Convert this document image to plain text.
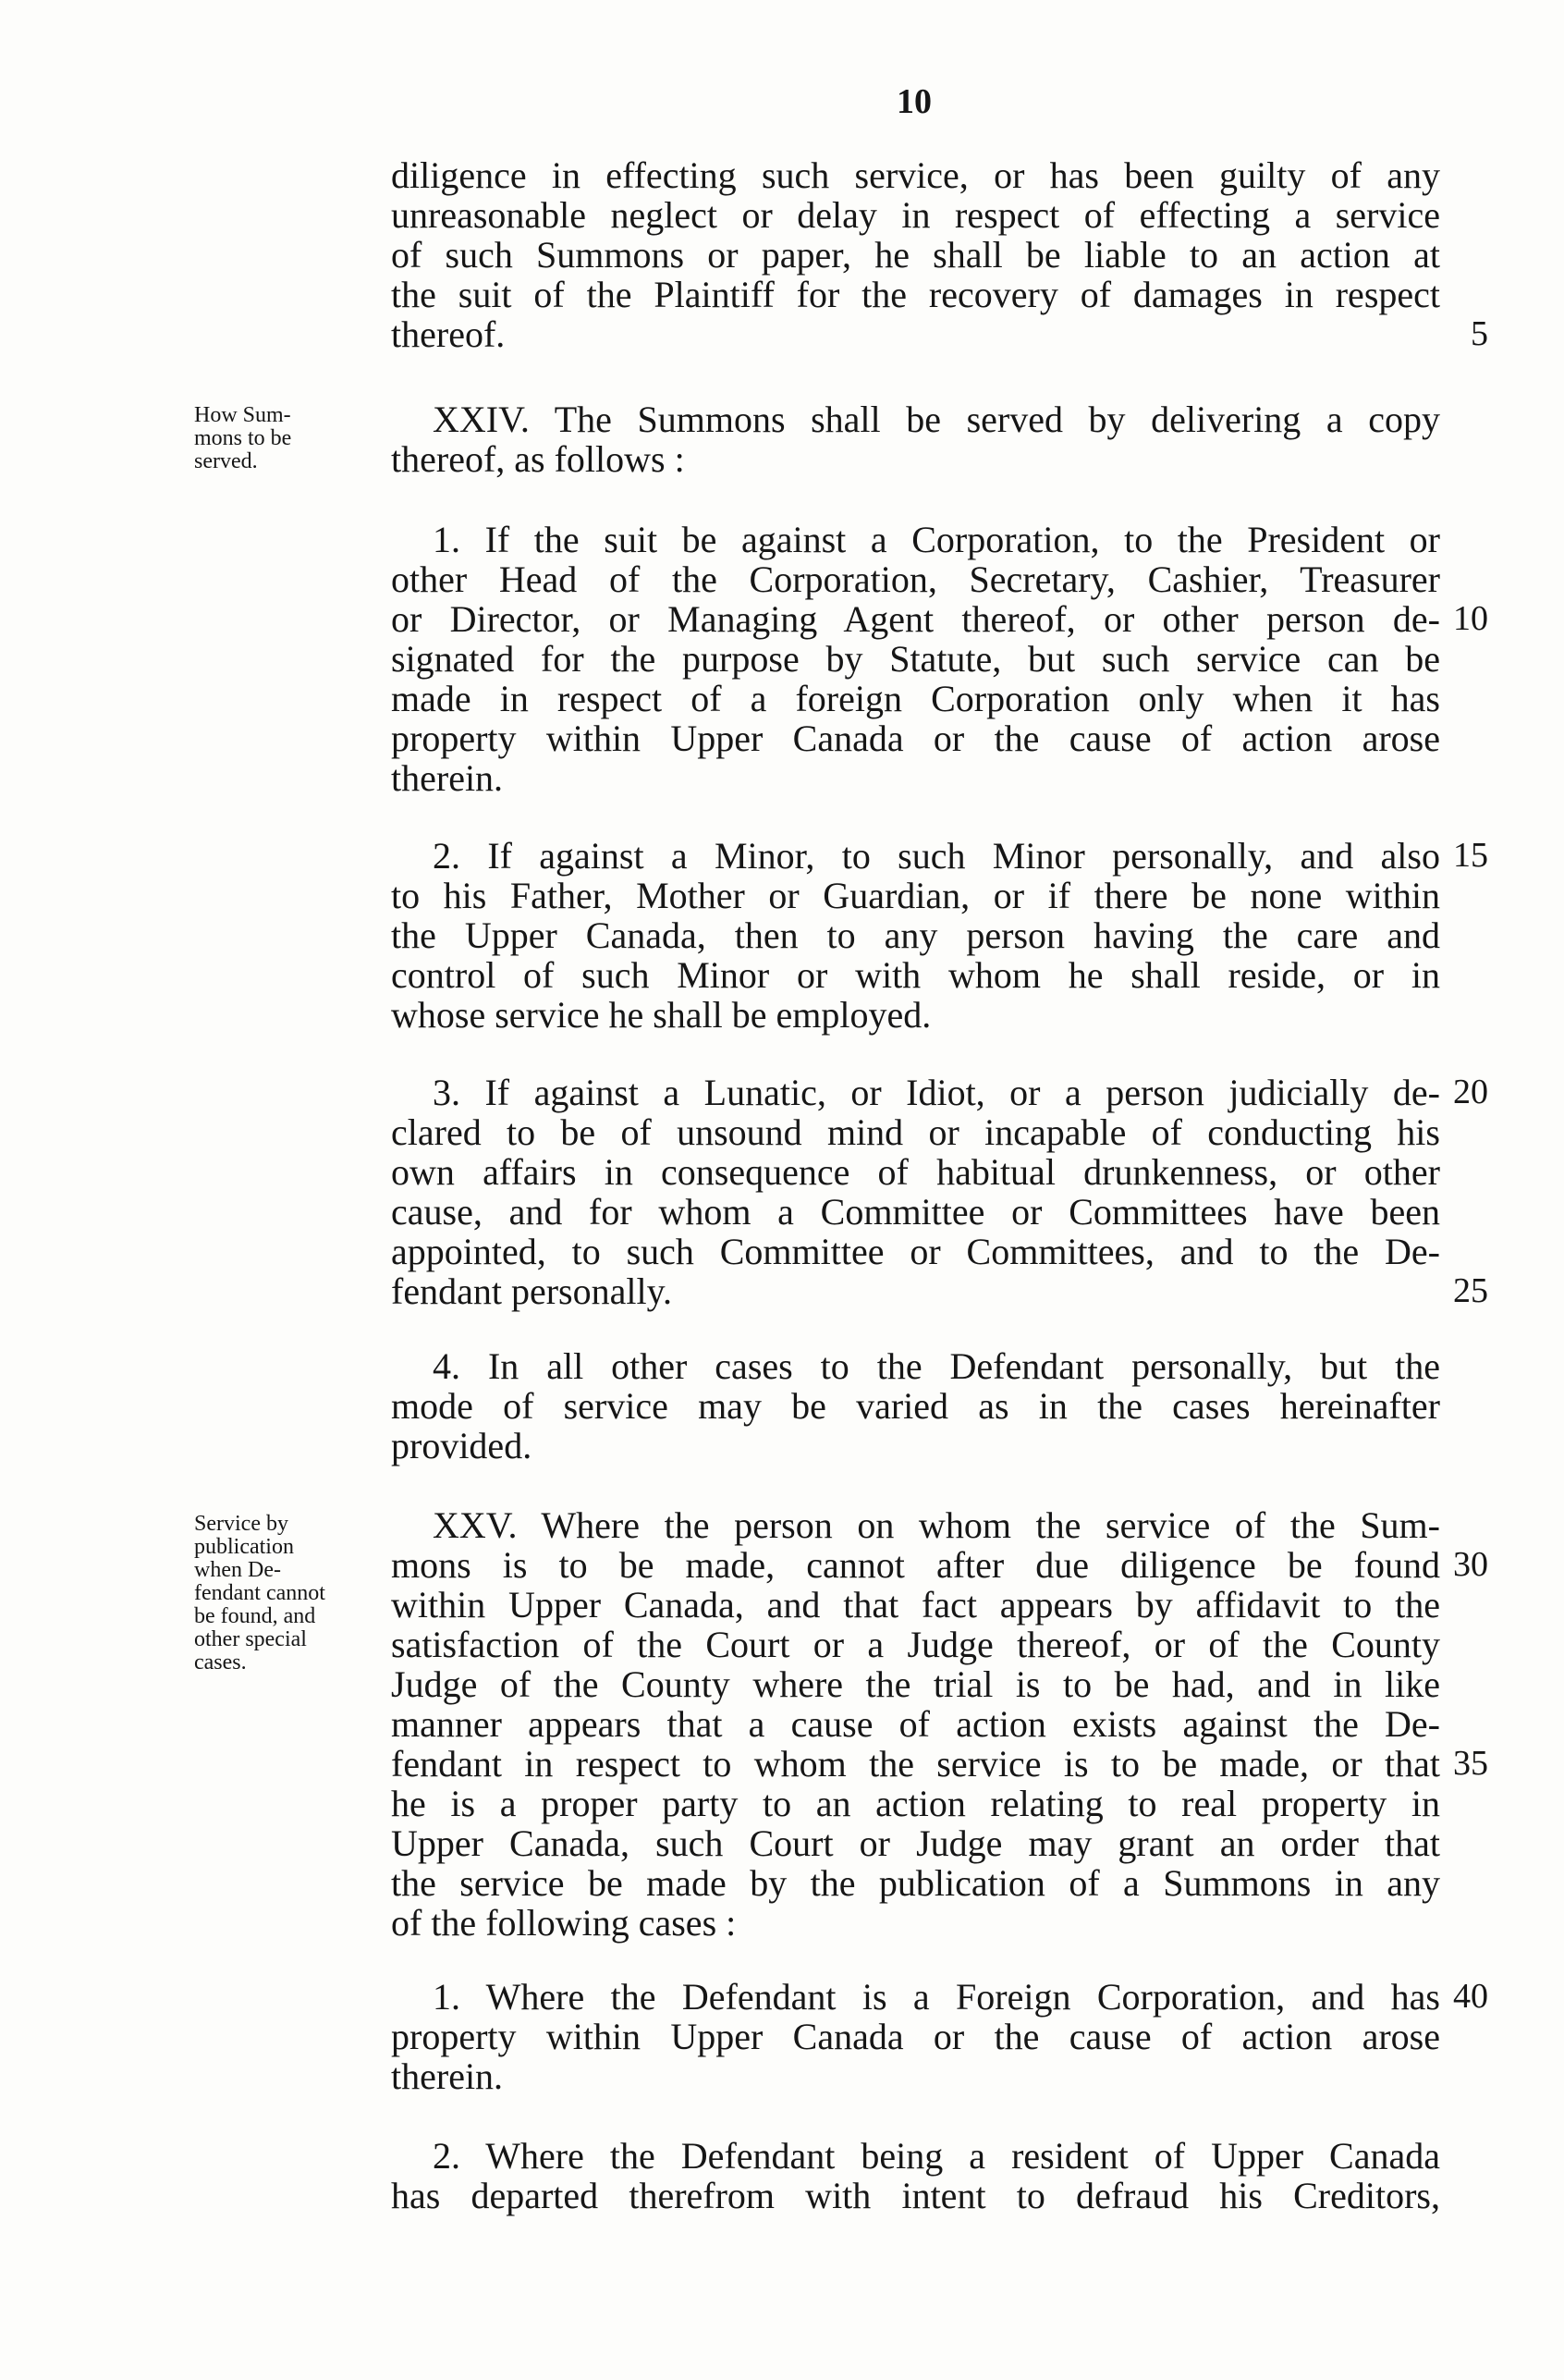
10
diligence in effecting such service, or has been guilty of any
unreasonable neglect or delay in respect of effecting a service
of such Summons or paper, he shall be liable to an action at
the suit of the Plaintiff for the recovery of damages in respect
thereof.
How Sum-
mons to be
served.
XXIV. The Summons shall be served by delivering a copy
thereof, as follows :
1. If the suit be against a Corporation, to the President or
other Head of the Corporation, Secretary, Cashier, Treasurer
or Director, or Managing Agent thereof, or other person de-
signated for the purpose by Statute, but such service can be
made in respect of a foreign Corporation only when it has
property within Upper Canada or the cause of action arose
therein.
2. If against a Minor, to such Minor personally, and also
to his Father, Mother or Guardian, or if there be none within
the Upper Canada, then to any person having the care and
control of such Minor or with whom he shall reside, or in
whose service he shall be employed.
3. If against a Lunatic, or Idiot, or a person judicially de-
clared to be of unsound mind or incapable of conducting his
own affairs in consequence of habitual drunkenness, or other
cause, and for whom a Committee or Committees have been
appointed, to such Committee or Committees, and to the De-
fendant personally.
4. In all other cases to the Defendant personally, but the
mode of service may be varied as in the cases hereinafter
provided.
Service by
publication
when De-
fendant cannot
be found, and
other special
cases.
XXV. Where the person on whom the service of the Sum-
mons is to be made, cannot after due diligence be found
within Upper Canada, and that fact appears by affidavit to the
satisfaction of the Court or a Judge thereof, or of the County
Judge of the County where the trial is to be had, and in like
manner appears that a cause of action exists against the De-
fendant in respect to whom the service is to be made, or that
he is a proper party to an action relating to real property in
Upper Canada, such Court or Judge may grant an order that
the service be made by the publication of a Summons in any
of the following cases :
1. Where the Defendant is a Foreign Corporation, and has
property within Upper Canada or the cause of action arose
therein.
2. Where the Defendant being a resident of Upper Canada
has departed therefrom with intent to defraud his Creditors,
5
10
15
20
25
30
35
40
